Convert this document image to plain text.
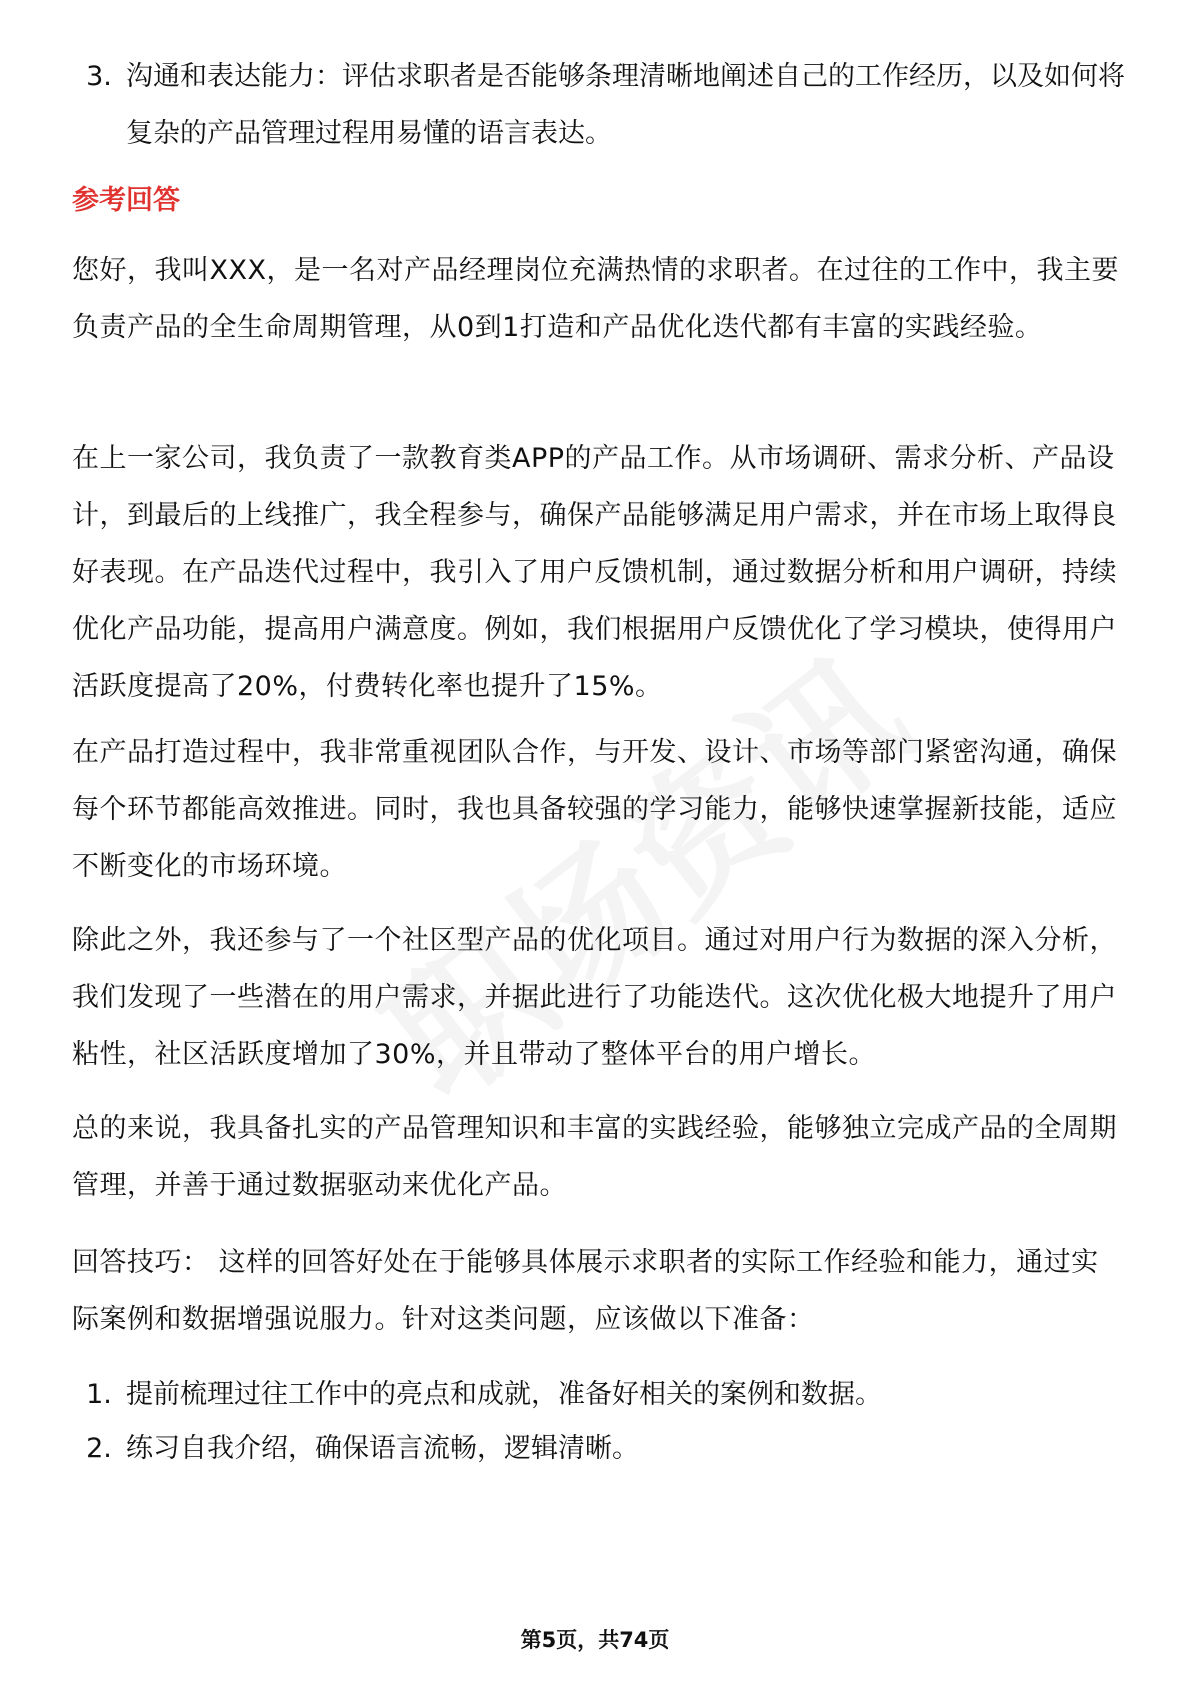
3. 沟通和表达能力：评估求职者是否能够条理清晰地阐述自己的工作经历，以及如何将复杂的产品管理过程用易懂的语言表达。
参考回答
您好，我叫XXX，是一名对产品经理岗位充满热情的求职者。在过往的工作中，我主要负责产品的全生命周期管理，从0到1打造和产品优化迭代都有丰富的实践经验。
在上一家公司，我负责了一款教育类APP的产品工作。从市场调研、需求分析、产品设计，到最后的上线推广，我全程参与，确保产品能够满足用户需求，并在市场上取得良好表现。在产品迭代过程中，我引入了用户反馈机制，通过数据分析和用户调研，持续优化产品功能，提高用户满意度。例如，我们根据用户反馈优化了学习模块，使得用户活跃度提高了20%，付费转化率也提升了15%。
在产品打造过程中，我非常重视团队合作，与开发、设计、市场等部门紧密沟通，确保每个环节都能高效推进。同时，我也具备较强的学习能力，能够快速掌握新技能，适应不断变化的市场环境。
除此之外，我还参与了一个社区型产品的优化项目。通过对用户行为数据的深入分析，我们发现了一些潜在的用户需求，并据此进行了功能迭代。这次优化极大地提升了用户粘性，社区活跃度增加了30%，并且带动了整体平台的用户增长。
总的来说，我具备扎实的产品管理知识和丰富的实践经验，能够独立完成产品的全周期管理，并善于通过数据驱动来优化产品。
回答技巧： 这样的回答好处在于能够具体展示求职者的实际工作经验和能力，通过实际案例和数据增强说服力。针对这类问题，应该做以下准备：
1. 提前梳理过往工作中的亮点和成就，准备好相关的案例和数据。
2. 练习自我介绍，确保语言流畅，逻辑清晰。
第5页，共74页
